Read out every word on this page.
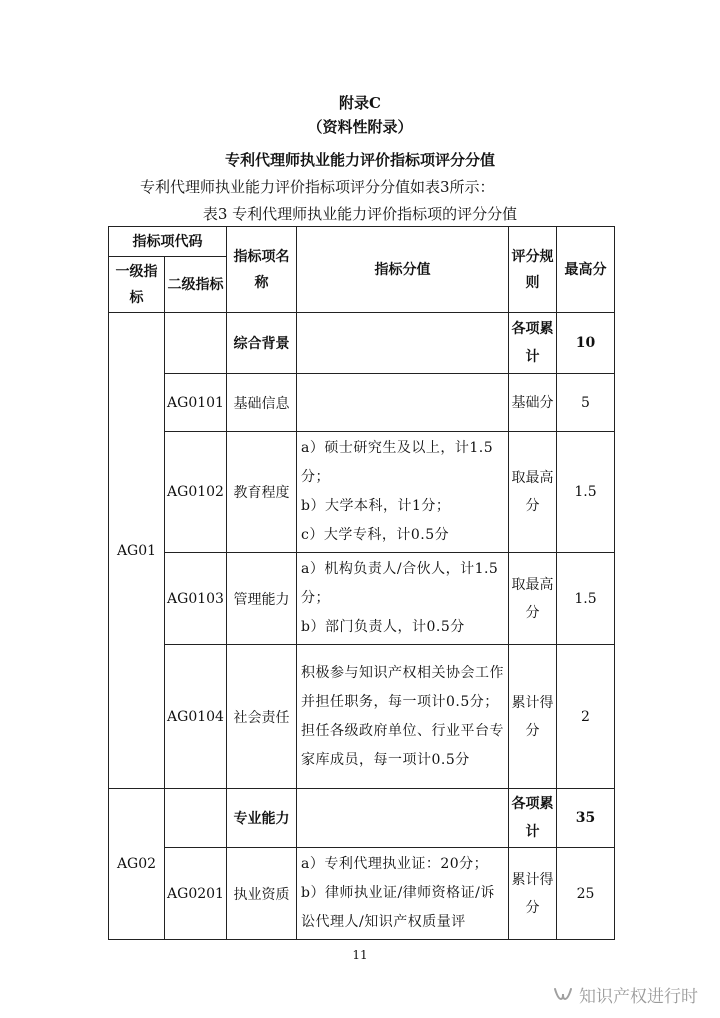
附录C
（资料性附录）
专利代理师执业能力评价指标项评分分值
专利代理师执业能力评价指标项评分分值如表3所示：
表3 专利代理师执业能力评价指标项的评分分值
指标项代码		指标项名称	指标分值	评分规则	最高分
一级指标	二级指标				
AG01		综合背景		各项累计	10
	AG0101	基础信息		基础分	5
	AG0102	教育程度	a）硕士研究生及以上，计1.5分；
b）大学本科，计1分；
c）大学专科，计0.5分	取最高分	1.5
	AG0103	管理能力	a）机构负责人/合伙人，计1.5分；
b）部门负责人，计0.5分	取最高分	1.5
	AG0104	社会责任	积极参与知识产权相关协会工作并担任职务，每一项计0.5分；
担任各级政府单位、行业平台专家库成员，每一项计0.5分	累计得分	2
AG02		专业能力		各项累计	35
	AG0201	执业资质	a）专利代理执业证：20分；
b）律师执业证/律师资格证/诉讼代理人/知识产权质量评	累计得分	25
11
知识产权进行时
